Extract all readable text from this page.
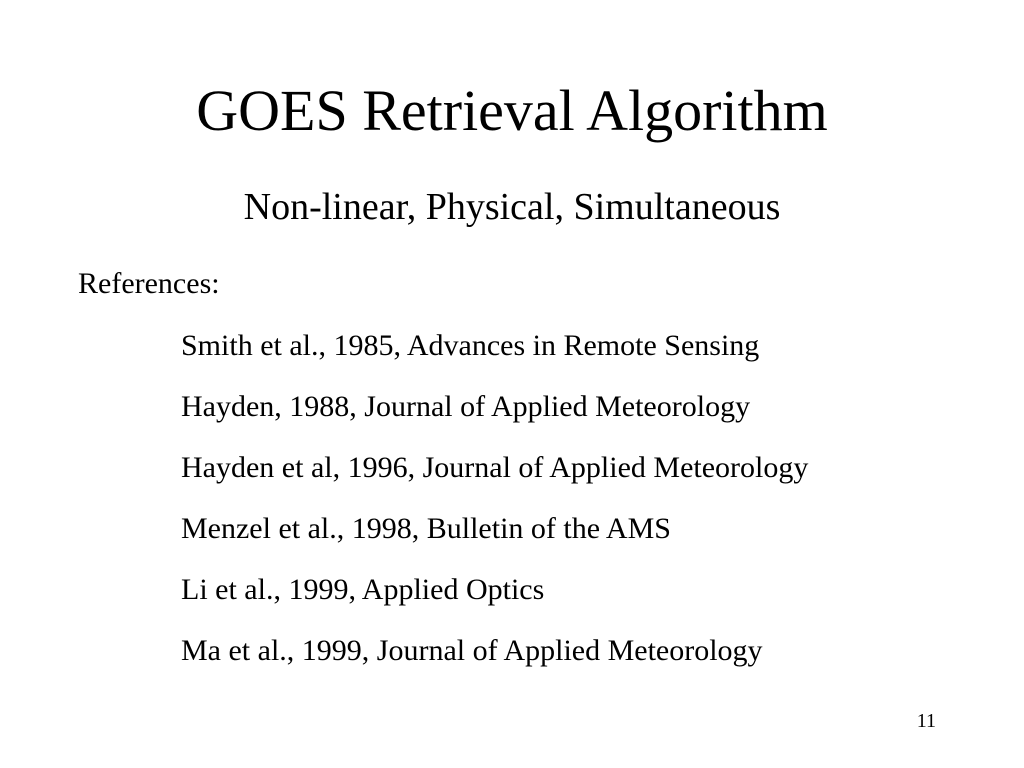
GOES Retrieval Algorithm
Non-linear, Physical, Simultaneous
References:
Smith et al., 1985, Advances in Remote Sensing
Hayden, 1988, Journal of Applied Meteorology
Hayden et al, 1996, Journal of Applied Meteorology
Menzel et al., 1998, Bulletin of the AMS
Li et al., 1999, Applied Optics
Ma et al., 1999, Journal of Applied Meteorology
11
